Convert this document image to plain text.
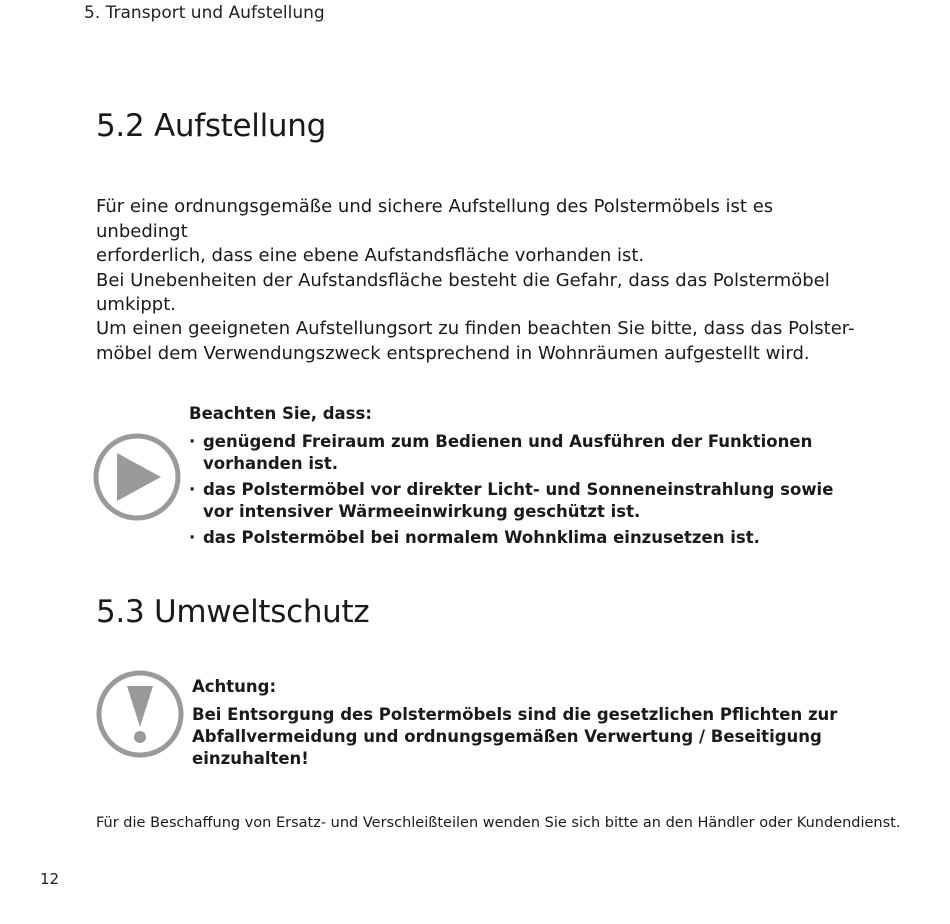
5. Transport und Aufstellung
5.2 Aufstellung

Für eine ordnungsgemäße und sichere Aufstellung des Polstermöbels ist es unbedingt
erforderlich, dass eine ebene Aufstandsfläche vorhanden ist.
Bei Unebenheiten der Aufstandsfläche besteht die Gefahr, dass das Polstermöbel
umkippt.

Um einen geeigneten Aufstellungsort zu finden beachten Sie bitte, dass das Polster-
möbel dem Verwendungszweck entsprechend in Wohnräumen aufgestellt wird.

Beachten Sie, dass:

· genügend Freiraum zum Bedienen und Ausführen der Funktionen
vorhanden ist.
· das Polstermöbel vor direkter Licht- und Sonneneinstrahlung sowie
vor intensiver Wärmeeinwirkung geschützt ist.
· das Polstermöbel bei normalem Wohnklima einzusetzen ist.
5.3 Umweltschutz

Achtung:

Bei Entsorgung des Polstermöbels sind die gesetzlichen Pflichten zur
Abfallvermeidung und ordnungsgemäßen Verwertung / Beseitigung
einzuhalten!

Für die Beschaffung von Ersatz- und Verschleißteilen wenden Sie sich bitte an den Händler oder Kundendienst.
12
